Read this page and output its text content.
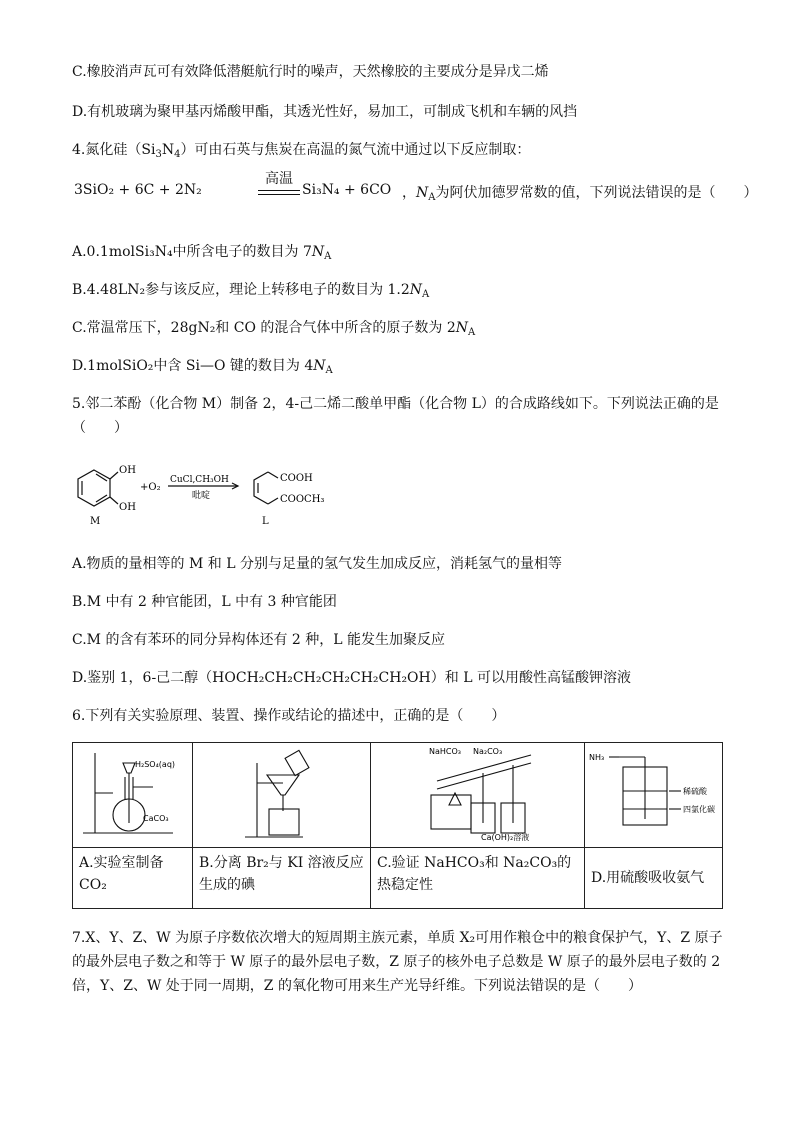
C.橡胶消声瓦可有效降低潜艇航行时的噪声，天然橡胶的主要成分是异戊二烯
D.有机玻璃为聚甲基丙烯酸甲酯，其透光性好，易加工，可制成飞机和车辆的风挡
4.氮化硅$(Si_3N_4)$可由石英与焦炭在高温的氮气流中通过以下反应制取：
3SiO₂ + 6C + 2N₂
高温
Si₃N₄ + 6CO ，$N_A$为阿伏加德罗常数的值，下列说法错误的是（　　）
A.0.1molSi₃N₄中所含电子的数目为 $7N_A$
B.4.48LN₂参与该反应，理论上转移电子的数目为 $1.2N_A$
C.常温常压下，28gN₂和 CO 的混合气体中所含的原子数为 $2N_A$
D.1molSiO₂中含 Si—O 键的数目为 $4N_A$
5.邻二苯酚（化合物 M）制备 2，4-己二烯二酸单甲酯（化合物 L）的合成路线如下。下列说法正确的是
（　　）
OH
OH
+O₂
CuCl,CH₃OH
吡啶
COOH
COOCH₃
M	L
A.物质的量相等的 M 和 L 分别与足量的氢气发生加成反应，消耗氢气的量相等
B.M 中有 2 种官能团，L 中有 3 种官能团
C.M 的含有苯环的同分异构体还有 2 种，L 能发生加聚反应
D.鉴别 1，6-己二醇（HOCH₂CH₂CH₂CH₂CH₂CH₂OH）和 L 可以用酸性高锰酸钾溶液
6.下列有关实验原理、装置、操作或结论的描述中，正确的是（　　）
H₂SO₄(aq)
CaCO₃		NaHCO₃ Na₂CO₃
Ca(OH)₂溶液	NH₃
稀硫酸
四氯化碳

A.实验室制备 CO₂	B.分离 Br₂与 KI 溶液反应生成的碘	C.验证 NaHCO₃和 Na₂CO₃的热稳定性	D.用硫酸吸收氨气
7.X、Y、Z、W 为原子序数依次增大的短周期主族元素，单质 X₂可用作粮仓中的粮食保护气，Y、Z 原子
的最外层电子数之和等于 W 原子的最外层电子数，Z 原子的核外电子总数是 W 原子的最外层电子数的 2
倍，Y、Z、W 处于同一周期，Z 的氧化物可用来生产光导纤维。下列说法错误的是（　　）
